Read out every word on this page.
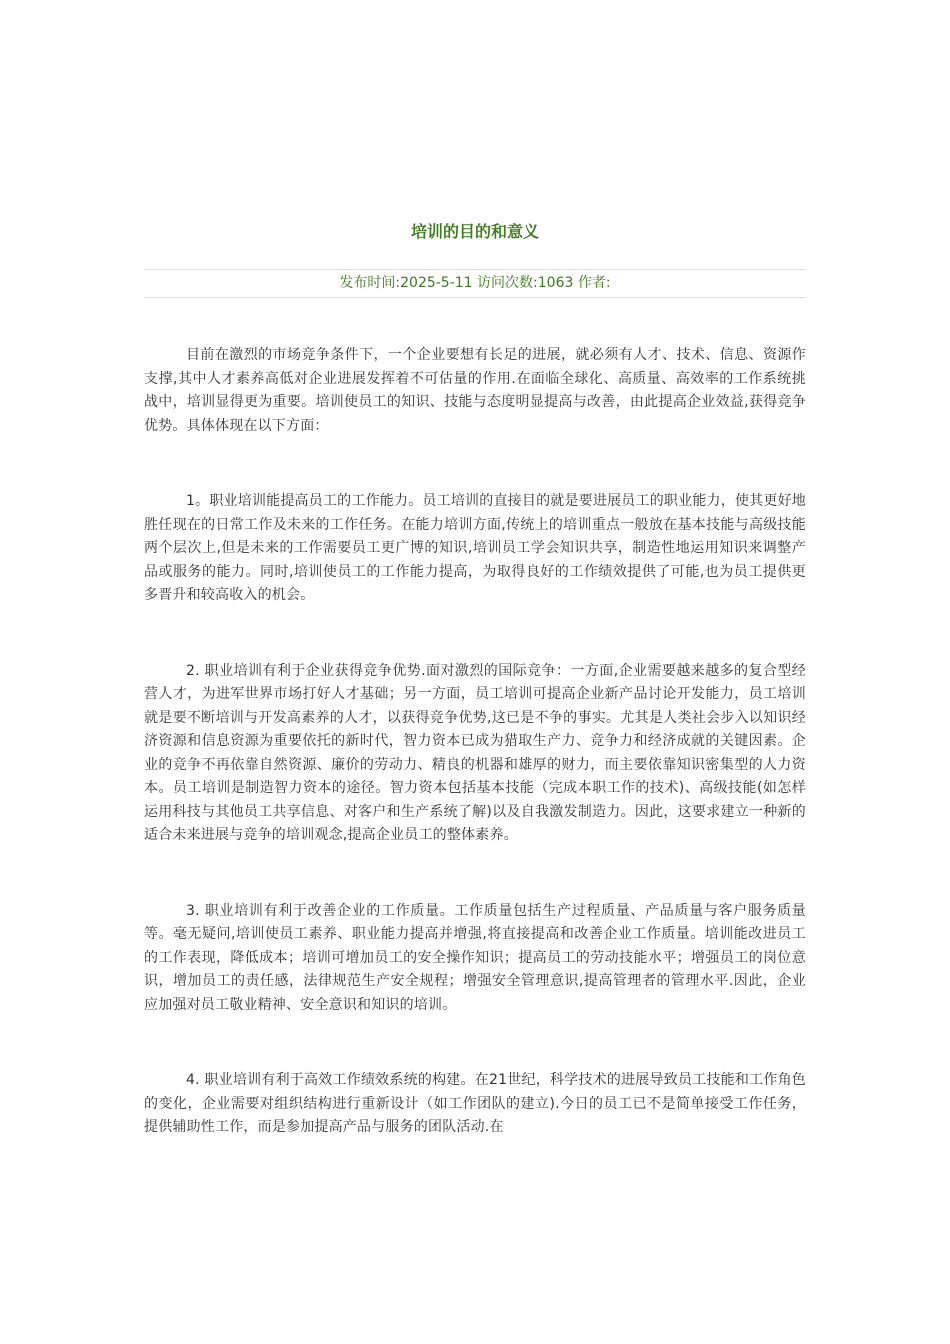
培训的目的和意义
发布时间:2025-5-11 访问次数:1063 作者:

目前在激烈的市场竞争条件下，一个企业要想有长足的进展，就必须有人才、技术、信息、资源作支撑,其中人才素养高低对企业进展发挥着不可估量的作用.在面临全球化、高质量、高效率的工作系统挑战中，培训显得更为重要。培训使员工的知识、技能与态度明显提高与改善，由此提高企业效益,获得竞争优势。具体体现在以下方面：

1。职业培训能提高员工的工作能力。员工培训的直接目的就是要进展员工的职业能力，使其更好地胜任现在的日常工作及未来的工作任务。在能力培训方面,传统上的培训重点一般放在基本技能与高级技能两个层次上,但是未来的工作需要员工更广博的知识,培训员工学会知识共享，制造性地运用知识来调整产品或服务的能力。同时,培训使员工的工作能力提高，为取得良好的工作绩效提供了可能,也为员工提供更多晋升和较高收入的机会。

2. 职业培训有利于企业获得竞争优势.面对激烈的国际竞争：一方面,企业需要越来越多的复合型经营人才，为进军世界市场打好人才基础；另一方面，员工培训可提高企业新产品讨论开发能力，员工培训就是要不断培训与开发高素养的人才，以获得竞争优势,这已是不争的事实。尤其是人类社会步入以知识经济资源和信息资源为重要依托的新时代，智力资本已成为猎取生产力、竞争力和经济成就的关键因素。企业的竞争不再依靠自然资源、廉价的劳动力、精良的机器和雄厚的财力，而主要依靠知识密集型的人力资本。员工培训是制造智力资本的途径。智力资本包括基本技能（完成本职工作的技术)、高级技能(如怎样运用科技与其他员工共享信息、对客户和生产系统了解)以及自我激发制造力。因此，这要求建立一种新的适合未来进展与竞争的培训观念,提高企业员工的整体素养。

3. 职业培训有利于改善企业的工作质量。工作质量包括生产过程质量、产品质量与客户服务质量等。毫无疑问,培训使员工素养、职业能力提高并增强,将直接提高和改善企业工作质量。培训能改进员工的工作表现，降低成本；培训可增加员工的安全操作知识；提高员工的劳动技能水平；增强员工的岗位意识，增加员工的责任感，法律规范生产安全规程；增强安全管理意识,提高管理者的管理水平.因此，企业应加强对员工敬业精神、安全意识和知识的培训。

4. 职业培训有利于高效工作绩效系统的构建。在21世纪，科学技术的进展导致员工技能和工作角色的变化，企业需要对组织结构进行重新设计（如工作团队的建立).今日的员工已不是简单接受工作任务，提供辅助性工作，而是参加提高产品与服务的团队活动.在
